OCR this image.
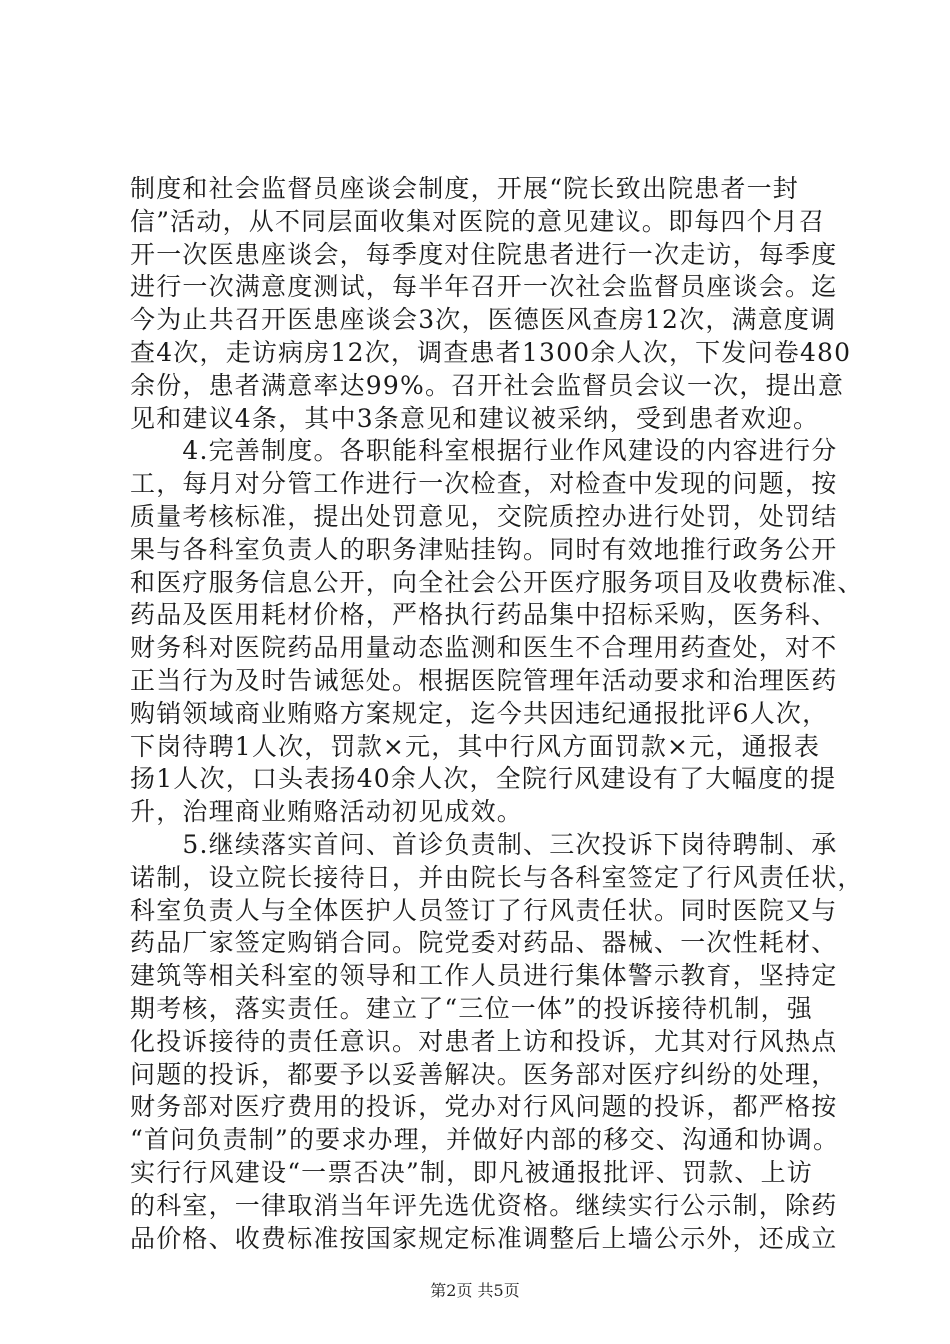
制度和社会监督员座谈会制度，开展“院长致出院患者一封
信”活动，从不同层面收集对医院的意见建议。即每四个月召
开一次医患座谈会，每季度对住院患者进行一次走访，每季度
进行一次满意度测试，每半年召开一次社会监督员座谈会。迄
今为止共召开医患座谈会3次，医德医风查房12次，满意度调
查4次，走访病房12次，调查患者1300余人次，下发问卷480
余份，患者满意率达99%。召开社会监督员会议一次，提出意
见和建议4条，其中3条意见和建议被采纳，受到患者欢迎。
　　4.完善制度。各职能科室根据行业作风建设的内容进行分
工，每月对分管工作进行一次检查，对检查中发现的问题，按
质量考核标准，提出处罚意见，交院质控办进行处罚，处罚结
果与各科室负责人的职务津贴挂钩。同时有效地推行政务公开
和医疗服务信息公开，向全社会公开医疗服务项目及收费标准、
药品及医用耗材价格，严格执行药品集中招标采购，医务科、
财务科对医院药品用量动态监测和医生不合理用药查处，对不
正当行为及时告诫惩处。根据医院管理年活动要求和治理医药
购销领域商业贿赂方案规定，迄今共因违纪通报批评6人次，
下岗待聘1人次，罚款×元，其中行风方面罚款×元，通报表
扬1人次，口头表扬40余人次，全院行风建设有了大幅度的提
升，治理商业贿赂活动初见成效。
　　5.继续落实首问、首诊负责制、三次投诉下岗待聘制、承
诺制，设立院长接待日，并由院长与各科室签定了行风责任状，
科室负责人与全体医护人员签订了行风责任状。同时医院又与
药品厂家签定购销合同。院党委对药品、器械、一次性耗材、
建筑等相关科室的领导和工作人员进行集体警示教育，坚持定
期考核，落实责任。建立了“三位一体”的投诉接待机制，强
化投诉接待的责任意识。对患者上访和投诉，尤其对行风热点
问题的投诉，都要予以妥善解决。医务部对医疗纠纷的处理，
财务部对医疗费用的投诉，党办对行风问题的投诉，都严格按
“首问负责制”的要求办理，并做好内部的移交、沟通和协调。
实行行风建设“一票否决”制，即凡被通报批评、罚款、上访
的科室，一律取消当年评先选优资格。继续实行公示制，除药
品价格、收费标准按国家规定标准调整后上墙公示外，还成立
第2页 共5页
